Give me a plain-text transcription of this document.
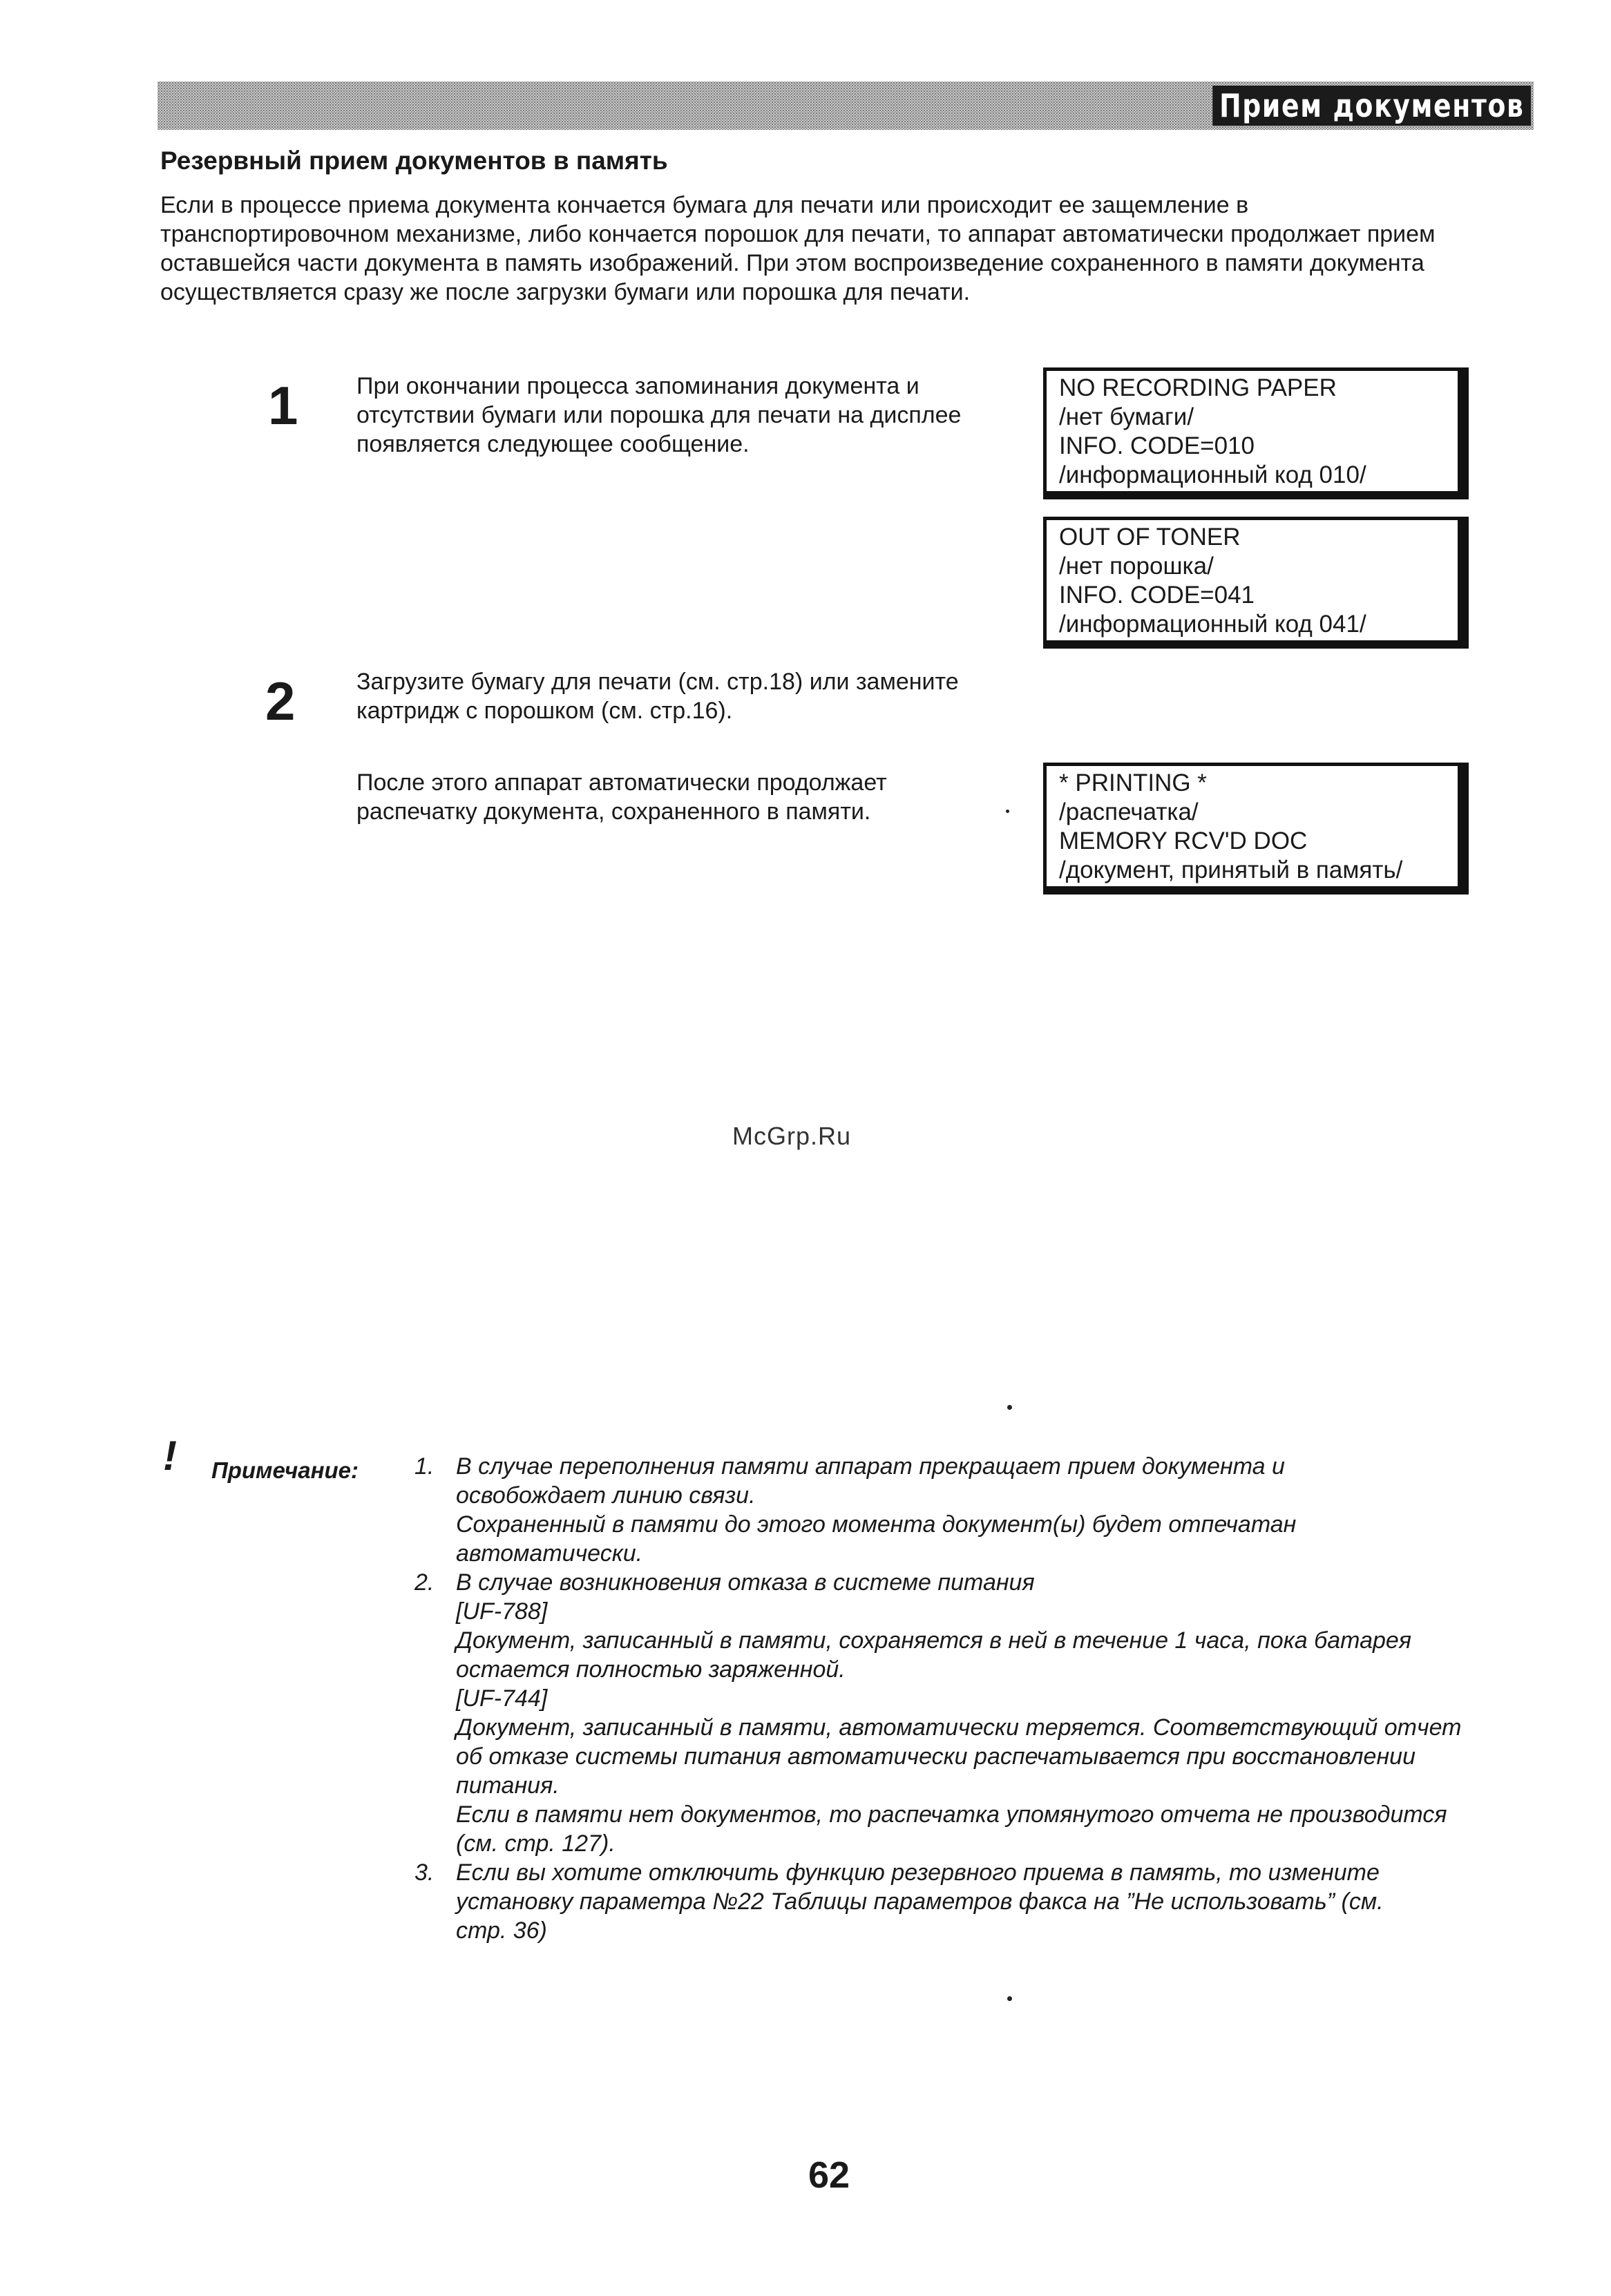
Прием документов
Резервный прием документов в память

Если в процессе приема документа кончается бумага для печати или происходит ее защемление в транспортировочном механизме, либо кончается порошок для печати, то аппарат автоматически продолжает прием оставшейся части документа в память изображений. При этом воспроизведение сохраненного в памяти документа осуществляется сразу же после загрузки бумаги или порошка для печати.

1 При окончании процесса запоминания документа и отсутствии бумаги или порошка для печати на дисплее появляется следующее сообщение.

NO RECORDING PAPER
/нет бумаги/
INFO. CODE=010
/информационный код 010/
OUT OF TONER
/нет порошка/
INFO. CODE=041
/информационный код 041/
2	Загрузите бумагу для печати (см. стр.18) или замените картридж с порошком (см. стр.16).

После этого аппарат автоматически продолжает распечатку документа, сохраненного в памяти.

* PRINTING *
/распечатка/
MEMORY RCV'D DOC
/документ, принятый в память/
McGrp.Ru
! Примечание: 1. В случае переполнения памяти аппарат прекращает прием документа и
освобождает линию связи.
Сохраненный в памяти до этого момента документ(ы) будет отпечатан
автоматически.
2. В случае возникновения отказа в системе питания
[UF-788]
Документ, записанный в памяти, сохраняется в ней в течение 1 часа, пока батарея
остается полностью заряженной.
[UF-744]
Документ, записанный в памяти, автоматически теряется. Соответствующий отчет
об отказе системы питания автоматически распечатывается при восстановлении
питания.
Если в памяти нет документов, то распечатка упомянутого отчета не производится
(см. стр. 127).
3. Если вы хотите отключить функцию резервного приема в память, то измените
установку параметра №22 Таблицы параметров факса на ”Не использовать” (см.
стр. 36)
62
